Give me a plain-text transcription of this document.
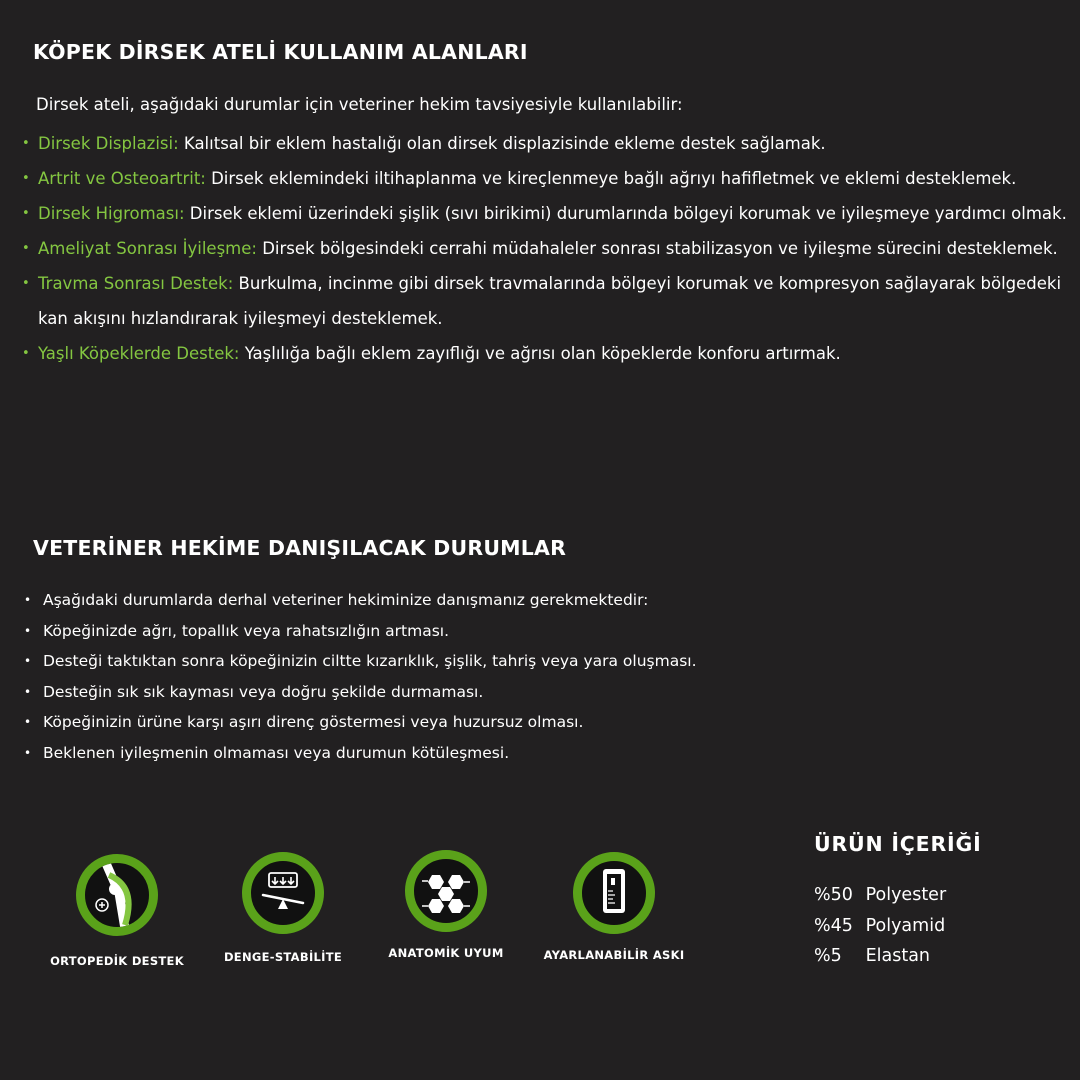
KÖPEK DİRSEK ATELİ KULLANIM ALANLARI
Dirsek ateli, aşağıdaki durumlar için veteriner hekim tavsiyesiyle kullanılabilir:
• Dirsek Displazisi: Kalıtsal bir eklem hastalığı olan dirsek displazisinde ekleme destek sağlamak.
• Artrit ve Osteoartrit: Dirsek eklemindeki iltihaplanma ve kireçlenmeye bağlı ağrıyı hafifletmek ve eklemi desteklemek.
• Dirsek Higroması: Dirsek eklemi üzerindeki şişlik (sıvı birikimi) durumlarında bölgeyi korumak ve iyileşmeye yardımcı olmak.
• Ameliyat Sonrası İyileşme: Dirsek bölgesindeki cerrahi müdahaleler sonrası stabilizasyon ve iyileşme sürecini desteklemek.
• Travma Sonrası Destek: Burkulma, incinme gibi dirsek travmalarında bölgeyi korumak ve kompresyon sağlayarak bölgedeki kan akışını hızlandırarak iyileşmeyi desteklemek.
• Yaşlı Köpeklerde Destek: Yaşlılığa bağlı eklem zayıflığı ve ağrısı olan köpeklerde konforu artırmak.
VETERİNER HEKİME DANIŞILACAK DURUMLAR
• Aşağıdaki durumlarda derhal veteriner hekiminize danışmanız gerekmektedir:
• Köpeğinizde ağrı, topallık veya rahatsızlığın artması.
• Desteği taktıktan sonra köpeğinizin ciltte kızarıklık, şişlik, tahriş veya yara oluşması.
• Desteğin sık sık kayması veya doğru şekilde durmaması.
• Köpeğinizin ürüne karşı aşırı direnç göstermesi veya huzursuz olması.
• Beklenen iyileşmenin olmaması veya durumun kötüleşmesi.
ORTOPEDİK DESTEK	DENGE-STABİLİTE	ANATOMİK UYUM	AYARLANABİLİR ASKI
ÜRÜN İÇERİĞİ
%50 Polyester
%45 Polyamid
%5 Elastan
